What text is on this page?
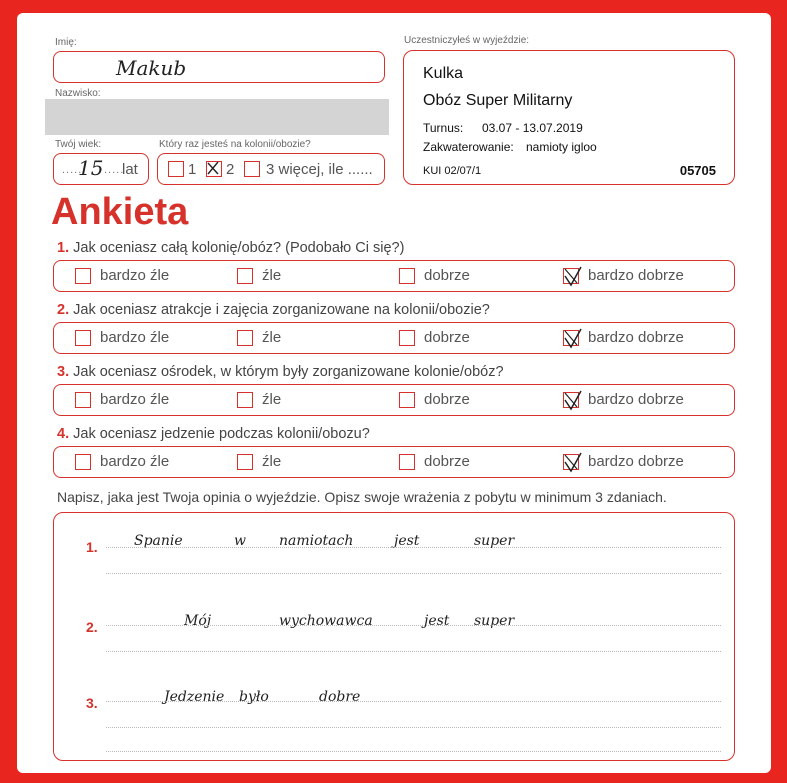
Imię:
Makub
Nazwisko:
Twój wiek:
.....
15 .....
lat
Który raz jesteś na kolonii/obozie?
1 2 3 więcej, ile ......
Uczestniczyłeś w wyjeździe:
Kulka
Obóz Super Militarny
Turnus: 03.07 - 13.07.2019
Zakwaterowanie: namioty igloo
KUI 02/07/1	05705
Ankieta
1. Jak oceniasz całą kolonię/obóz? (Podobało Ci się?)
bardzo źle	źle	dobrze	bardzo dobrze
2. Jak oceniasz atrakcje i zajęcia zorganizowane na kolonii/obozie?
bardzo źle	źle	dobrze	bardzo dobrze
3. Jak oceniasz ośrodek, w którym były zorganizowane kolonie/obóz?
bardzo źle	źle	dobrze	bardzo dobrze
4. Jak oceniasz jedzenie podczas kolonii/obozu?
bardzo źle	źle	dobrze	bardzo dobrze
Napisz, jaka jest Twoja opinia o wyjeździe. Opisz swoje wrażenia z pobytu w minimum 3 zdaniach.
1.	Spanie	w namiotach	jest	super
2.	Mój	wychowawca	jest super
3.	Jedzenie było	dobre
